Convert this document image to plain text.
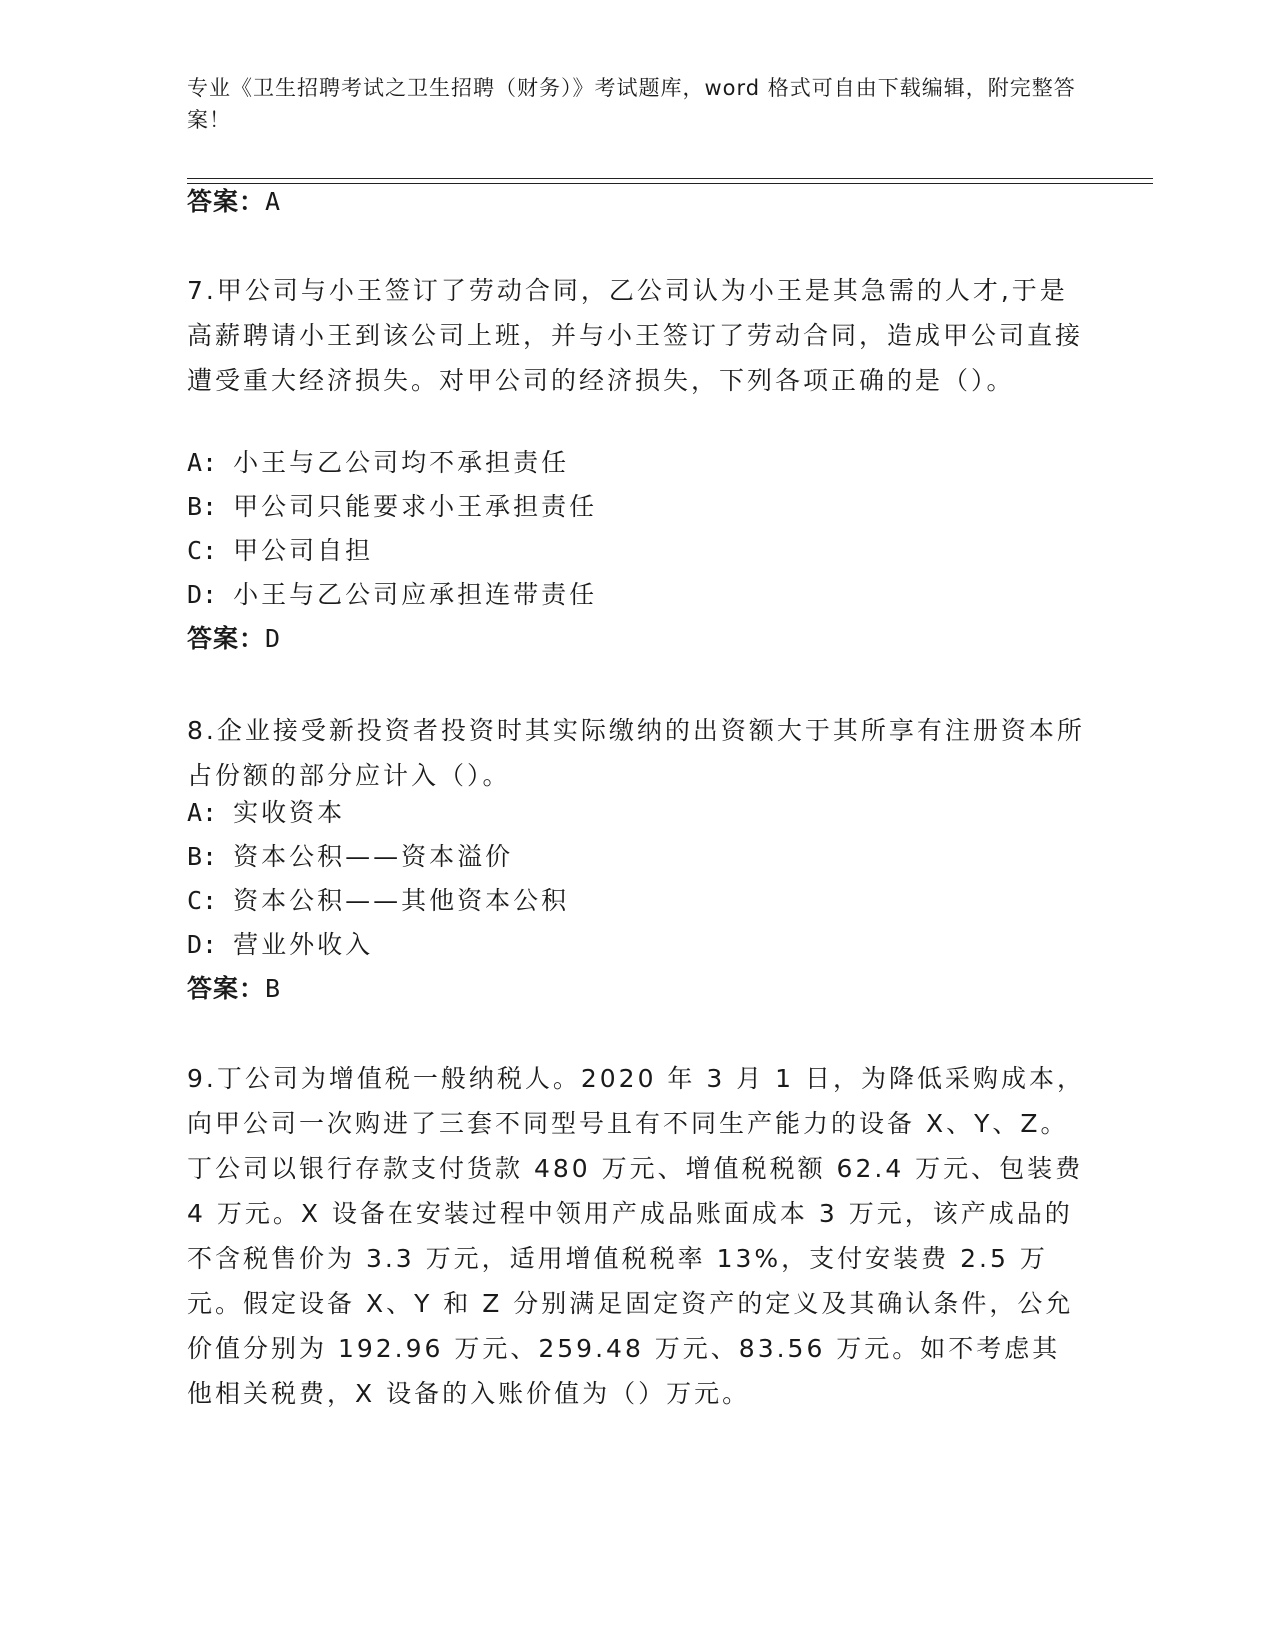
专业《卫生招聘考试之卫生招聘（财务）》考试题库，word 格式可自由下载编辑，附完整答案！
答案：A

7.甲公司与小王签订了劳动合同，乙公司认为小王是其急需的人才,于是高薪聘请小王到该公司上班，并与小王签订了劳动合同，造成甲公司直接遭受重大经济损失。对甲公司的经济损失，下列各项正确的是（）。

A: 小王与乙公司均不承担责任
B: 甲公司只能要求小王承担责任
C: 甲公司自担
D: 小王与乙公司应承担连带责任
答案：D

8.企业接受新投资者投资时其实际缴纳的出资额大于其所享有注册资本所占份额的部分应计入（）。

A: 实收资本
B: 资本公积——资本溢价
C: 资本公积——其他资本公积
D: 营业外收入
答案：B

9.丁公司为增值税一般纳税人。2020 年 3 月 1 日，为降低采购成本，向甲公司一次购进了三套不同型号且有不同生产能力的设备 X、Y、Z。丁公司以银行存款支付货款 480 万元、增值税税额 62.4 万元、包装费 4 万元。X 设备在安装过程中领用产成品账面成本 3 万元，该产成品的不含税售价为 3.3 万元，适用增值税税率 13%，支付安装费 2.5 万元。假定设备 X、Y 和 Z 分别满足固定资产的定义及其确认条件，公允价值分别为 192.96 万元、259.48 万元、83.56 万元。如不考虑其他相关税费，X 设备的入账价值为（）万元。
